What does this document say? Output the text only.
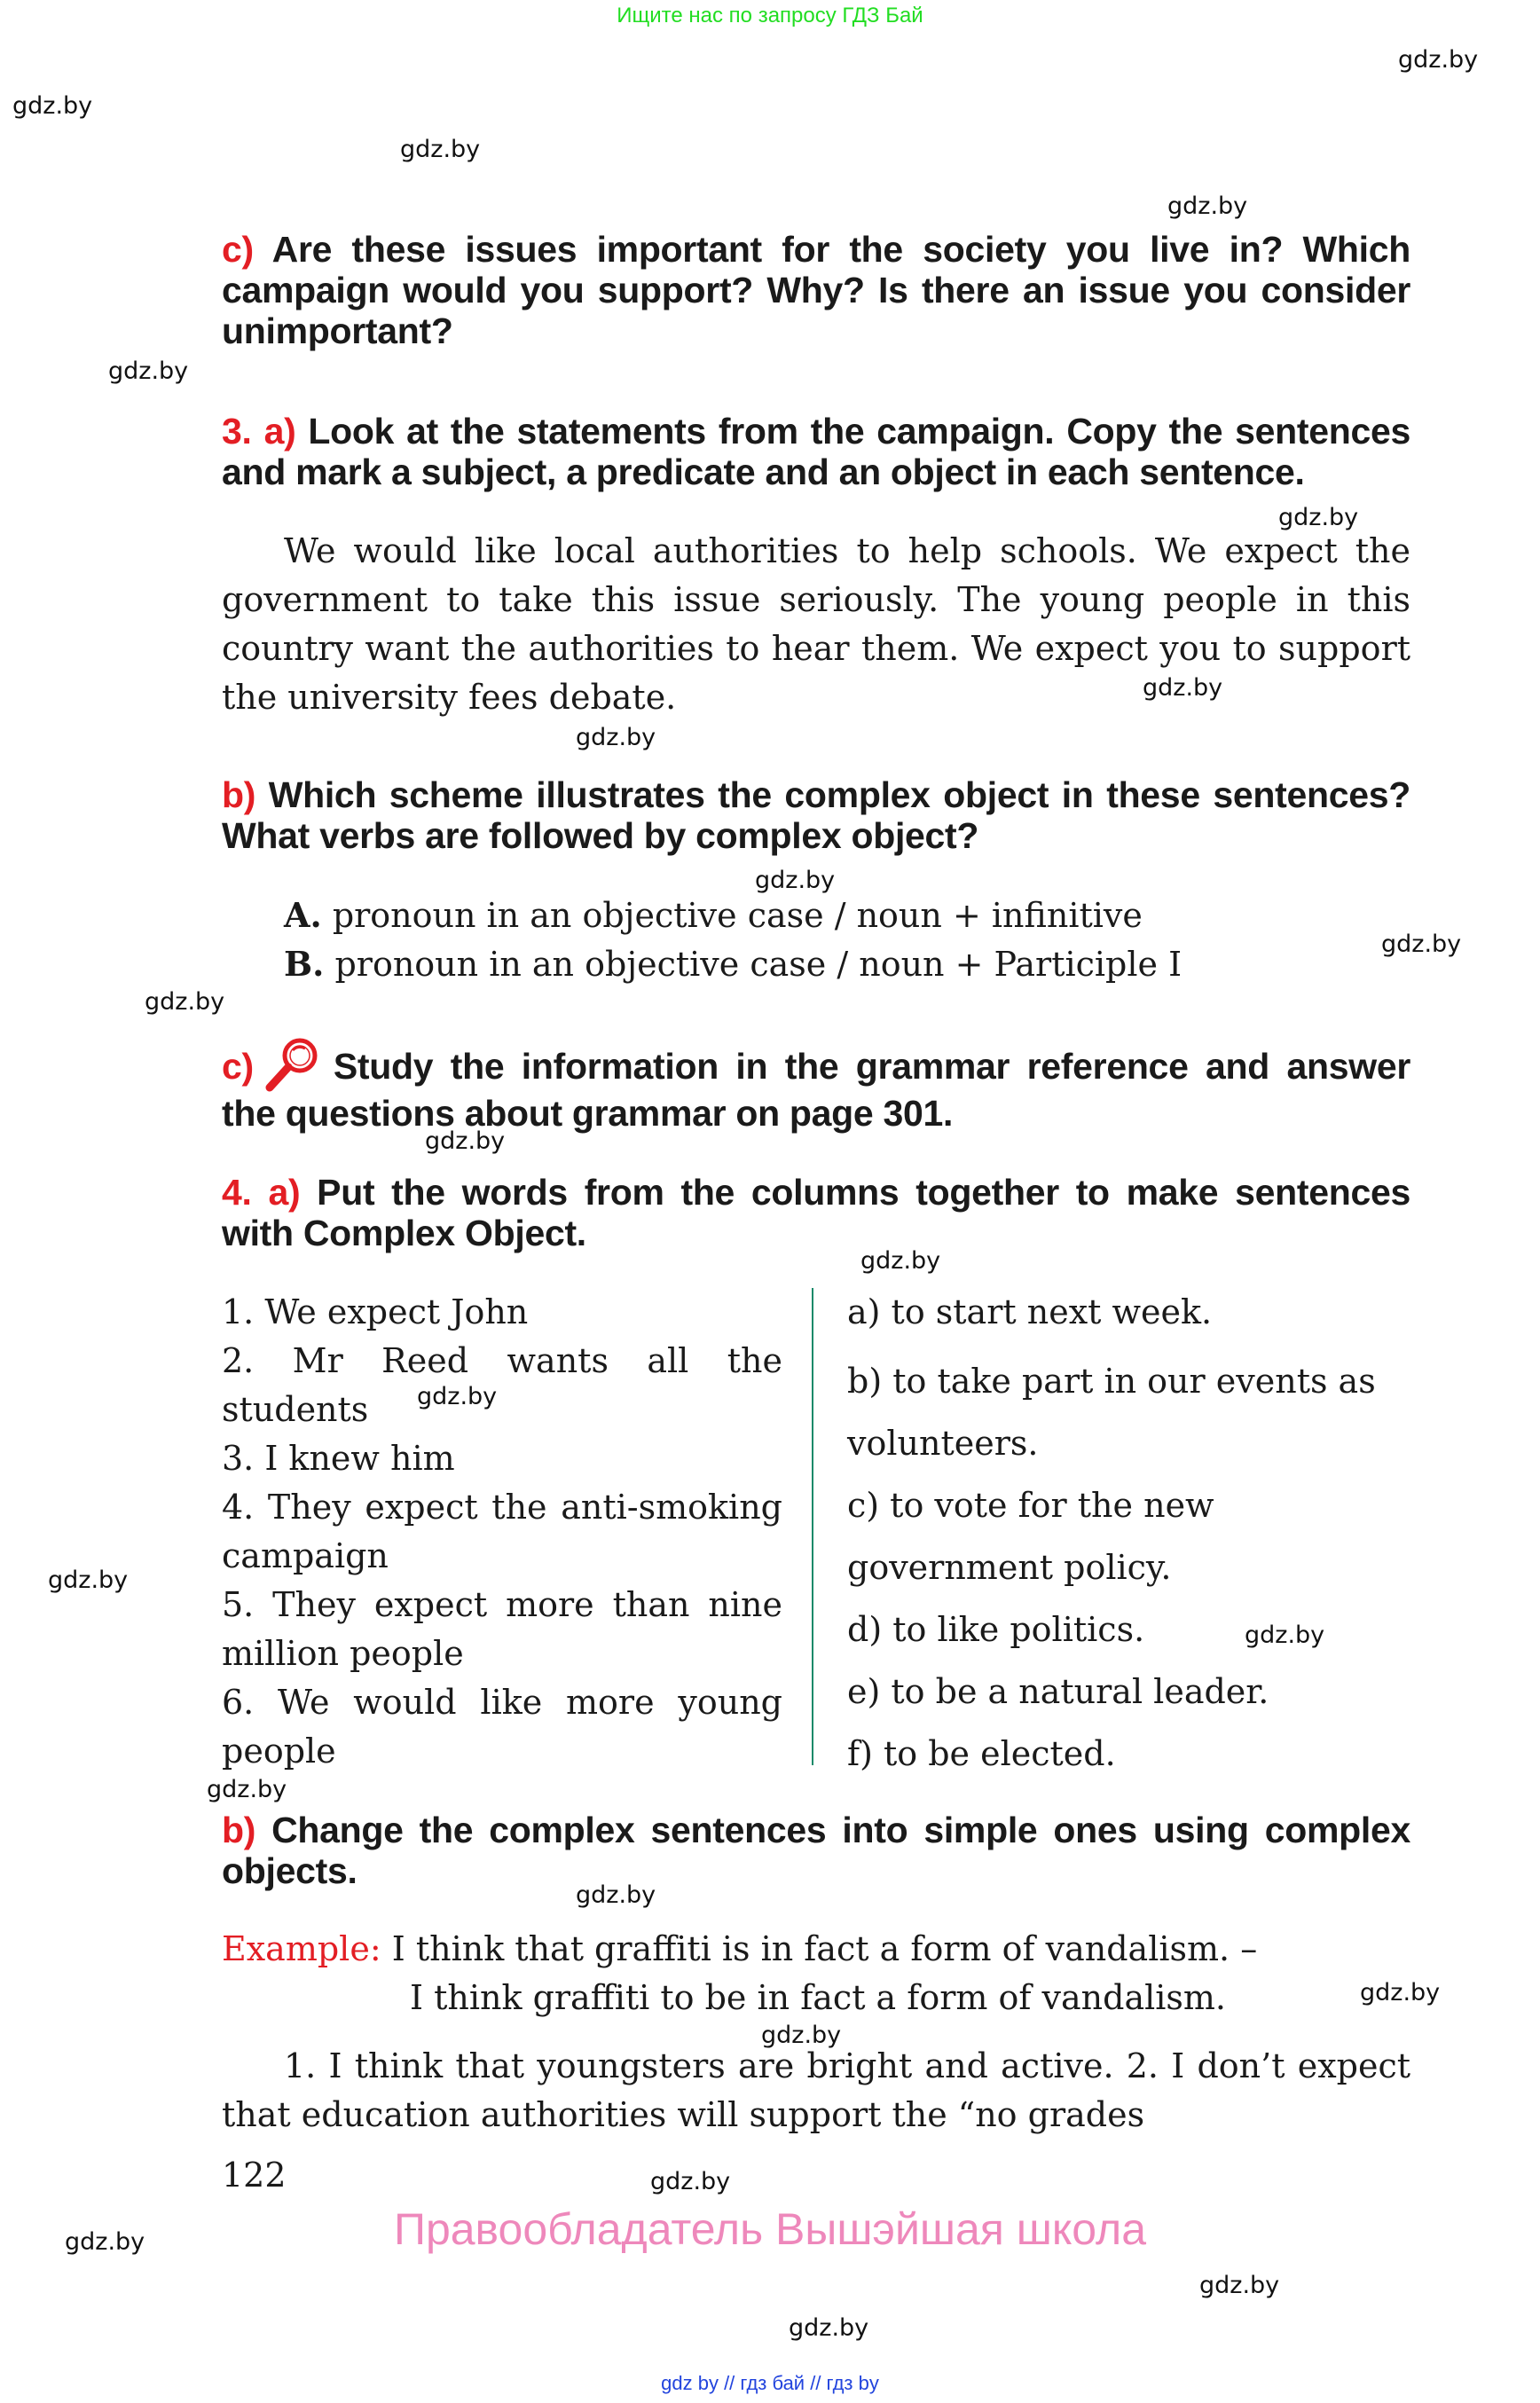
Ищите нас по запросу ГДЗ Бай
gdz.by
gdz.by
gdz.by
gdz.by
gdz.by
gdz.by
gdz.by
gdz.by
gdz.by
gdz.by
gdz.by
gdz.by
gdz.by
gdz.by
gdz.by
gdz.by
gdz.by
gdz.by
gdz.by
gdz.by
gdz.by
gdz.by
gdz.by
gdz.by
c) Are these issues important for the society you live in? Which campaign would you support? Why? Is there an issue you consider unimportant?
3. a) Look at the statements from the campaign. Copy the sentences and mark a subject, a predicate and an object in each sentence.
We would like local authorities to help schools. We expect the government to take this issue seriously. The young people in this country want the authorities to hear them. We expect you to support the university fees debate.
b) Which scheme illustrates the complex object in these sentences? What verbs are followed by complex object?
A. pronoun in an objective case / noun + infinitive
B. pronoun in an objective case / noun + Participle I
c) Study the information in the grammar reference and answer the questions about grammar on page 301.
4. a) Put the words from the columns together to make sentences with Complex Object.
1. We expect John
2. Mr Reed wants all the students
3. I knew him
4. They expect the anti-smoking campaign
5. They expect more than nine million people
6. We would like more young people
a) to start next week.
b) to take part in our events as volunteers.
c) to vote for the new government policy.
d) to like politics.
e) to be a natural leader.
f) to be elected.
b) Change the complex sentences into simple ones using complex objects.
Example: I think that graffiti is in fact a form of vandalism. –
I think graffiti to be in fact a form of vandalism.
1. I think that youngsters are bright and active. 2. I don’t expect that education authorities will support the “no grades
122
Правообладатель Вышэйшая школа
gdz by // гдз бай // гдз by
